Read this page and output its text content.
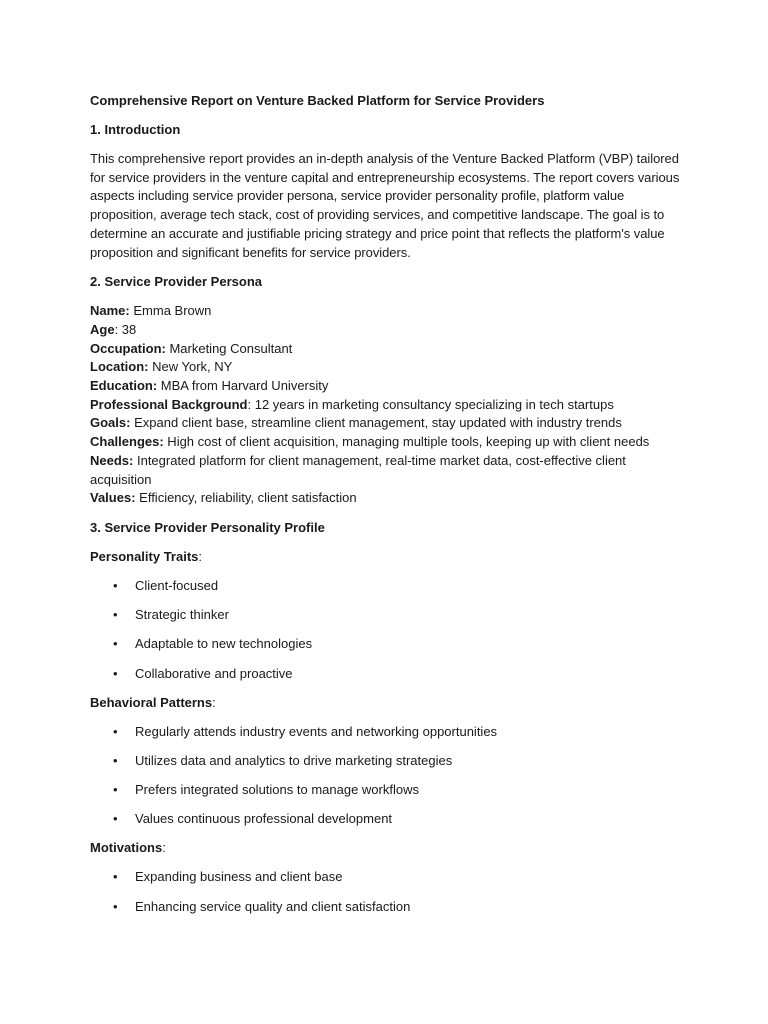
Comprehensive Report on Venture Backed Platform for Service Providers
1. Introduction

This comprehensive report provides an in-depth analysis of the Venture Backed Platform (VBP) tailored for service providers in the venture capital and entrepreneurship ecosystems. The report covers various aspects including service provider persona, service provider personality profile, platform value proposition, average tech stack, cost of providing services, and competitive landscape. The goal is to determine an accurate and justifiable pricing strategy and price point that reflects the platform's value proposition and significant benefits for service providers.

2. Service Provider Persona
Name: Emma Brown
Age: 38
Occupation: Marketing Consultant
Location: New York, NY
Education: MBA from Harvard University
Professional Background: 12 years in marketing consultancy specializing in tech startups
Goals: Expand client base, streamline client management, stay updated with industry trends
Challenges: High cost of client acquisition, managing multiple tools, keeping up with client needs
Needs: Integrated platform for client management, real-time market data, cost-effective client acquisition
Values: Efficiency, reliability, client satisfaction
3. Service Provider Personality Profile
Personality Traits:
• Client-focused
• Strategic thinker
• Adaptable to new technologies
• Collaborative and proactive
Behavioral Patterns:
• Regularly attends industry events and networking opportunities
• Utilizes data and analytics to drive marketing strategies
• Prefers integrated solutions to manage workflows
• Values continuous professional development
Motivations:
• Expanding business and client base
• Enhancing service quality and client satisfaction
